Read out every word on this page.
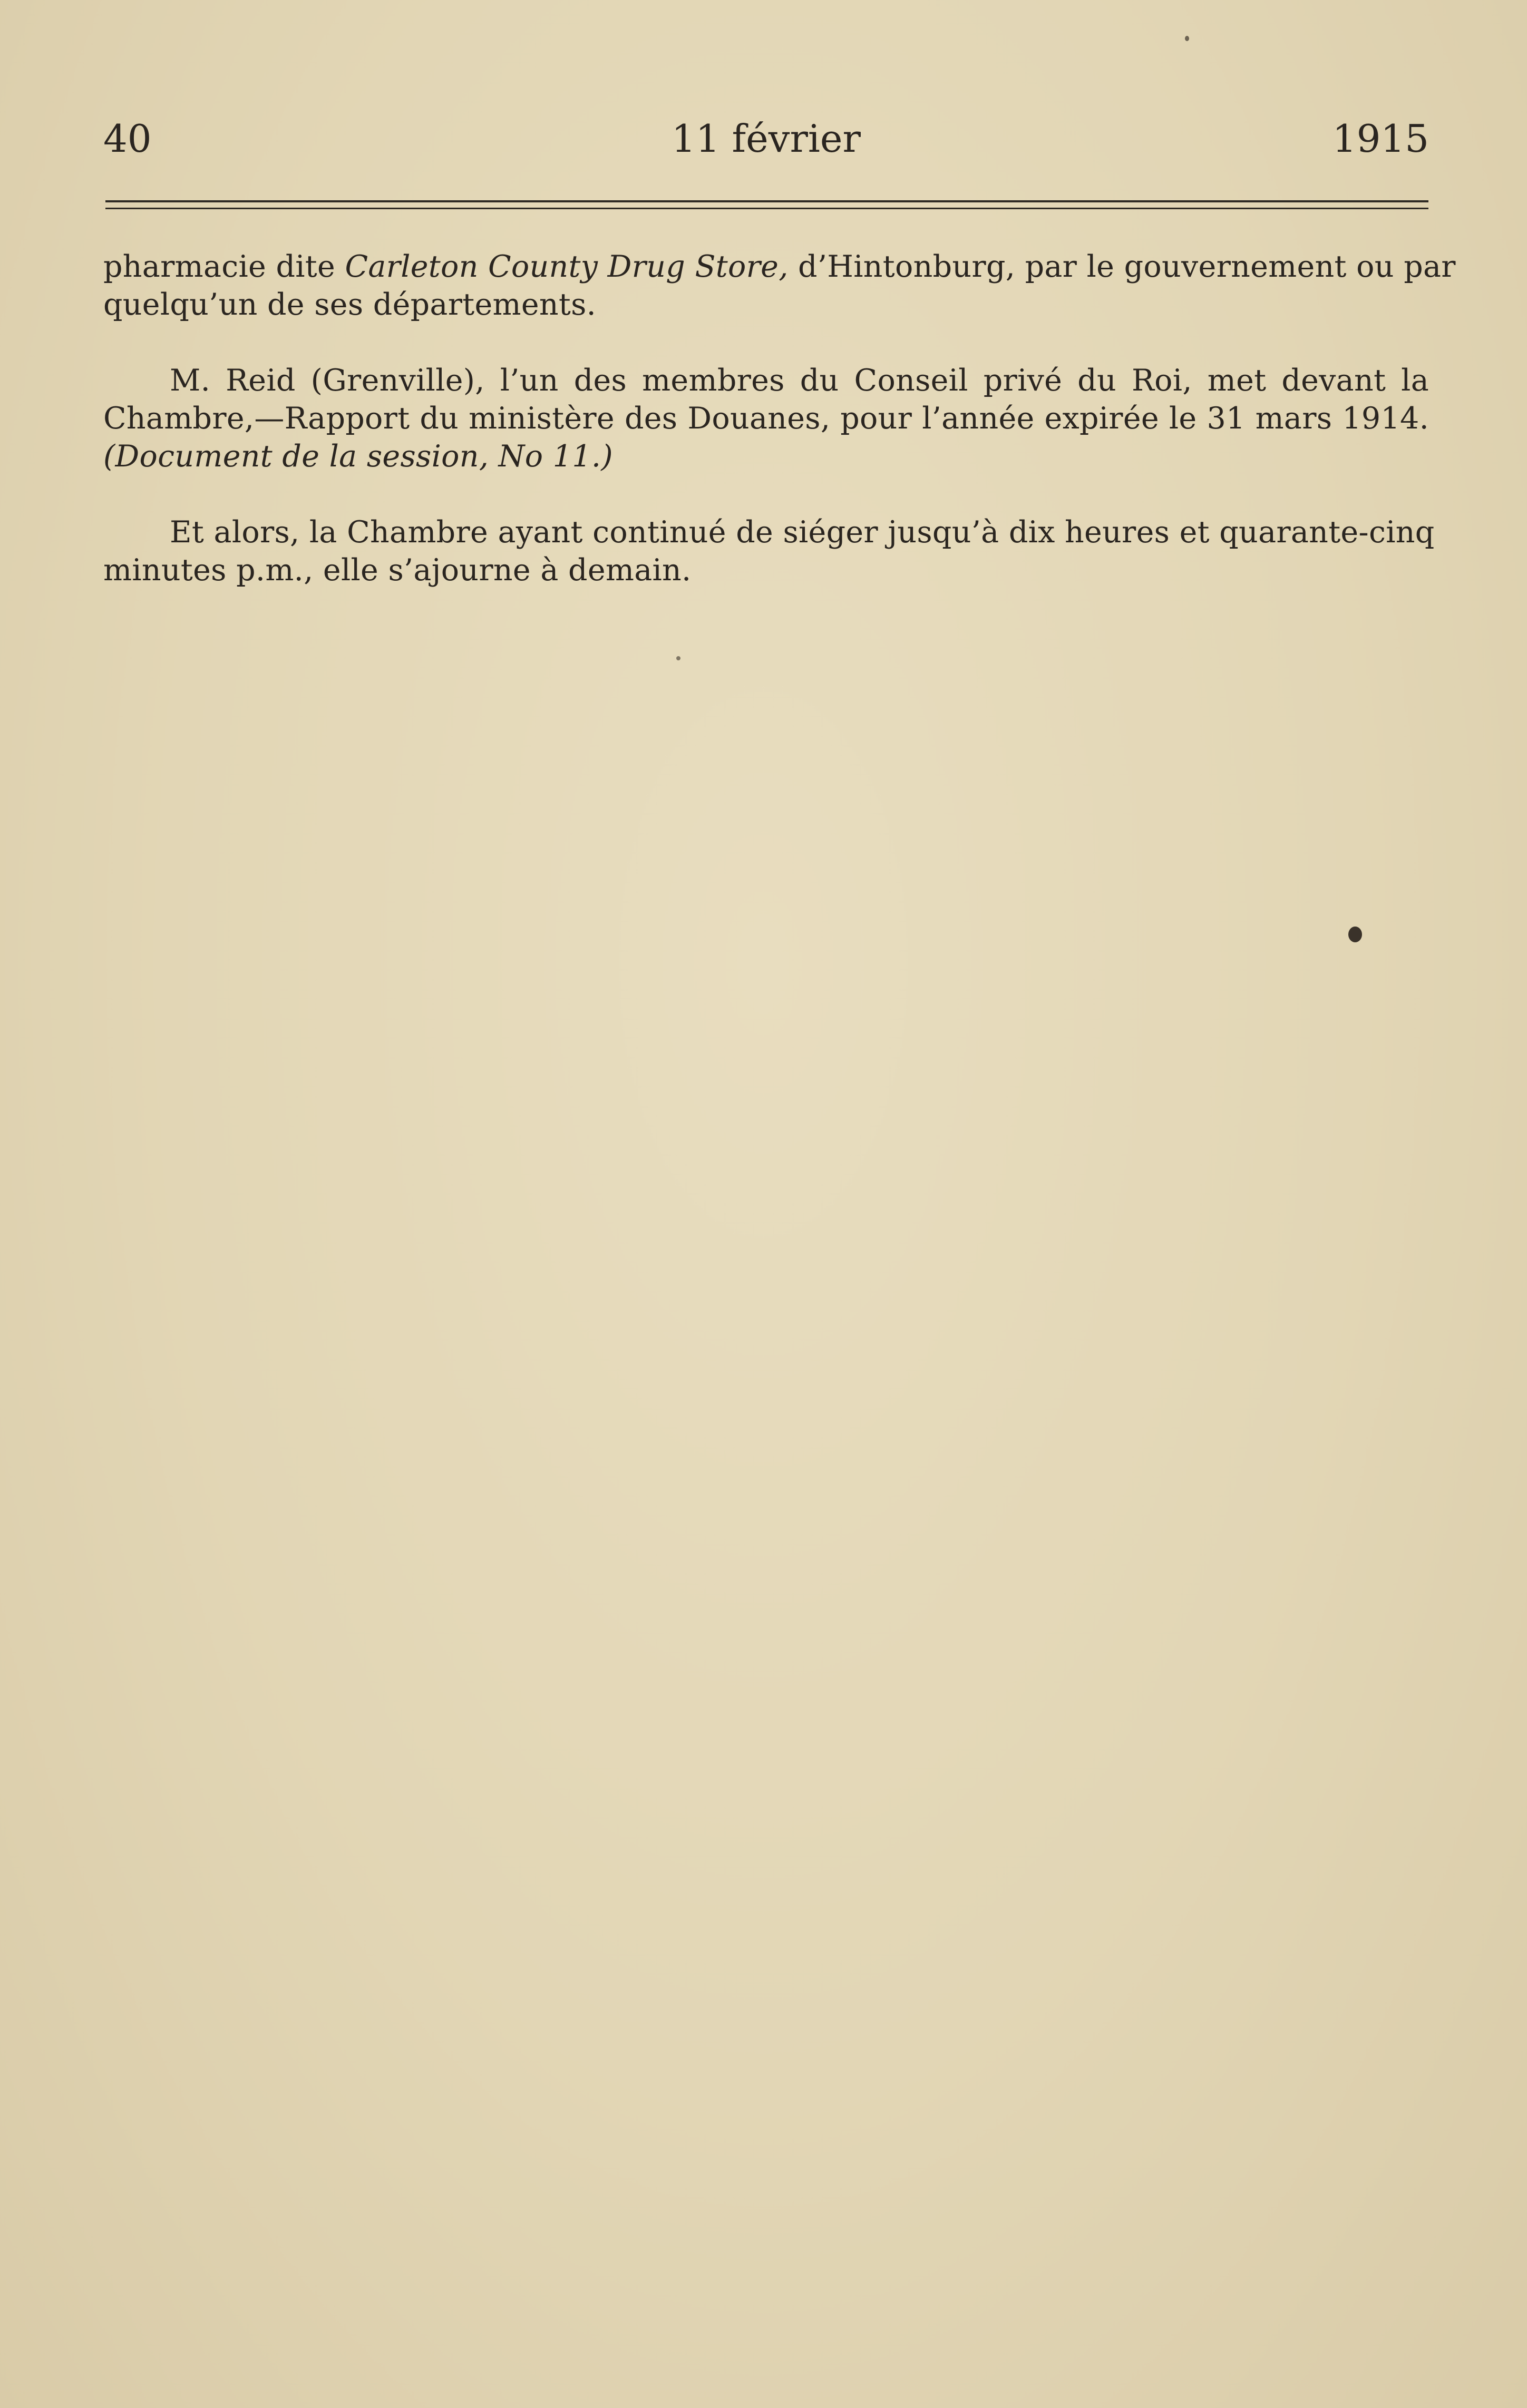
40	11 février	1915

pharmacie dite Carleton County Drug Store, d’Hintonburg, par le gouvernement ou par
quelqu’un de ses départements.

M. Reid (Grenville), l’un des membres du Conseil privé du Roi, met devant la
Chambre,—Rapport du ministère des Douanes, pour l’année expirée le 31 mars 1914.
(Document de la session, No 11.)

Et alors, la Chambre ayant continué de siéger jusqu’à dix heures et quarante-cinq
minutes p.m., elle s’ajourne à demain.
